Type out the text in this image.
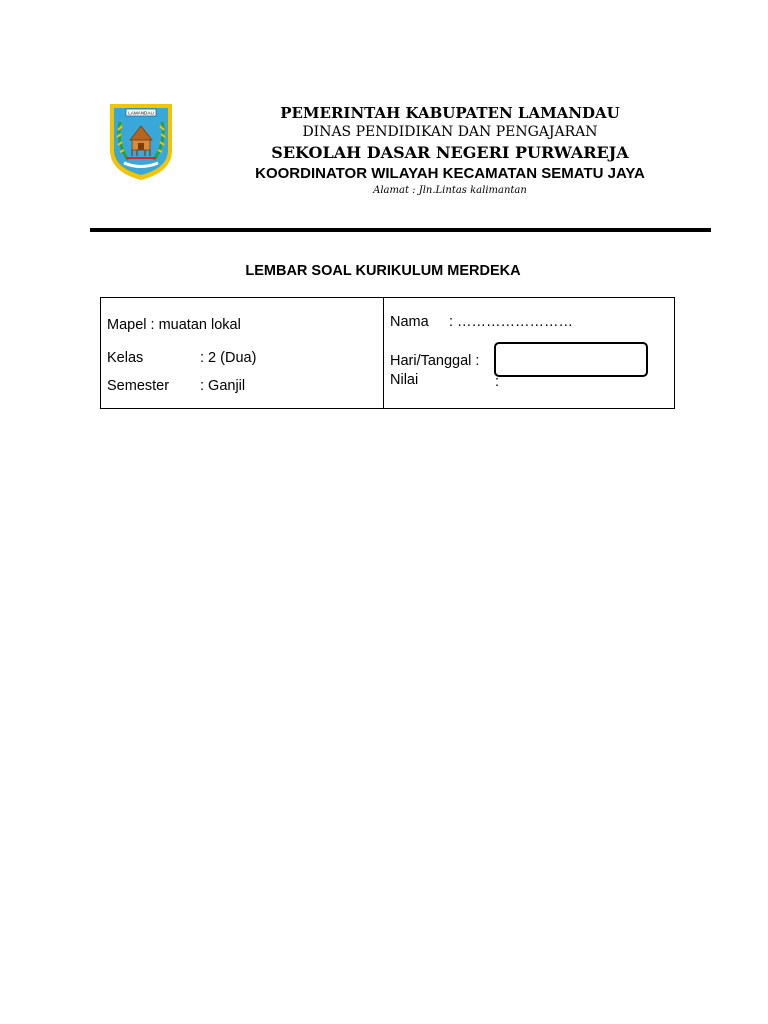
LAMANDAU	PEMERINTAH KABUPATEN LAMANDAU
DINAS PENDIDIKAN DAN PENGAJARAN
SEKOLAH DASAR NEGERI PURWAREJA
KOORDINATOR WILAYAH KECAMATAN SEMATU JAYA
Alamat : Jln.Lintas kalimantan
LEMBAR SOAL KURIKULUM MERDEKA
Mapel : muatan lokal
Kelas	: 2 (Dua)
Semester : Ganjil
Nama : ……………………
Hari/Tanggal :
Nilai	:
